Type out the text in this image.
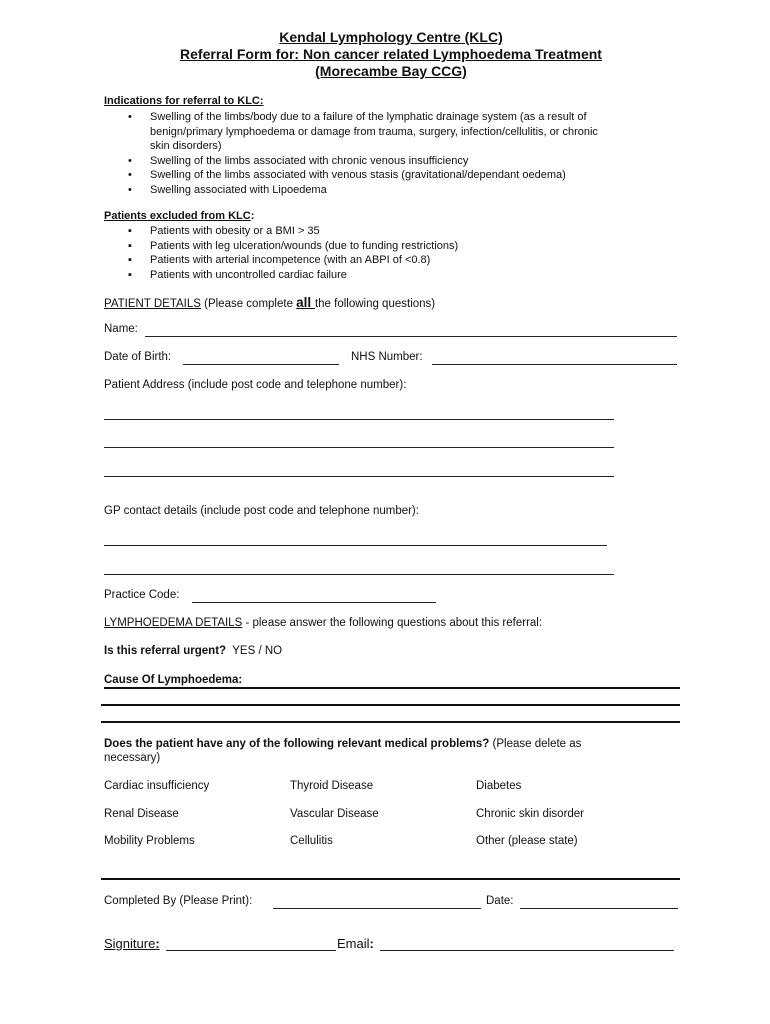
Kendal Lymphology Centre (KLC)
Referral Form for: Non cancer related Lymphoedema Treatment
(Morecambe Bay CCG)
Indications for referral to KLC:
• Swelling of the limbs/body due to a failure of the lymphatic drainage system (as a result of
benign/primary lymphoedema or damage from trauma, surgery, infection/cellulitis, or chronic
skin disorders)
• Swelling of the limbs associated with chronic venous insufficiency
• Swelling of the limbs associated with venous stasis (gravitational/dependant oedema)
• Swelling associated with Lipoedema
Patients excluded from KLC:
▪ Patients with obesity or a BMI > 35
▪ Patients with leg ulceration/wounds (due to funding restrictions)
▪ Patients with arterial incompetence (with an ABPI of <0.8)
▪ Patients with uncontrolled cardiac failure
PATIENT DETAILS (Please complete all the following questions)
Name:
Date of Birth:	NHS Number:
Patient Address (include post code and telephone number):
GP contact details (include post code and telephone number):
Practice Code:
LYMPHOEDEMA DETAILS - please answer the following questions about this referral:
Is this referral urgent? YES / NO
Cause Of Lymphoedema:
Does the patient have any of the following relevant medical problems? (Please delete as
necessary)
Cardiac insufficiency	Thyroid Disease	Diabetes
Renal Disease	Vascular Disease	Chronic skin disorder
Mobility Problems	Cellulitis	Other (please state)
Completed By (Please Print):	Date:
Signiture:	Email:
